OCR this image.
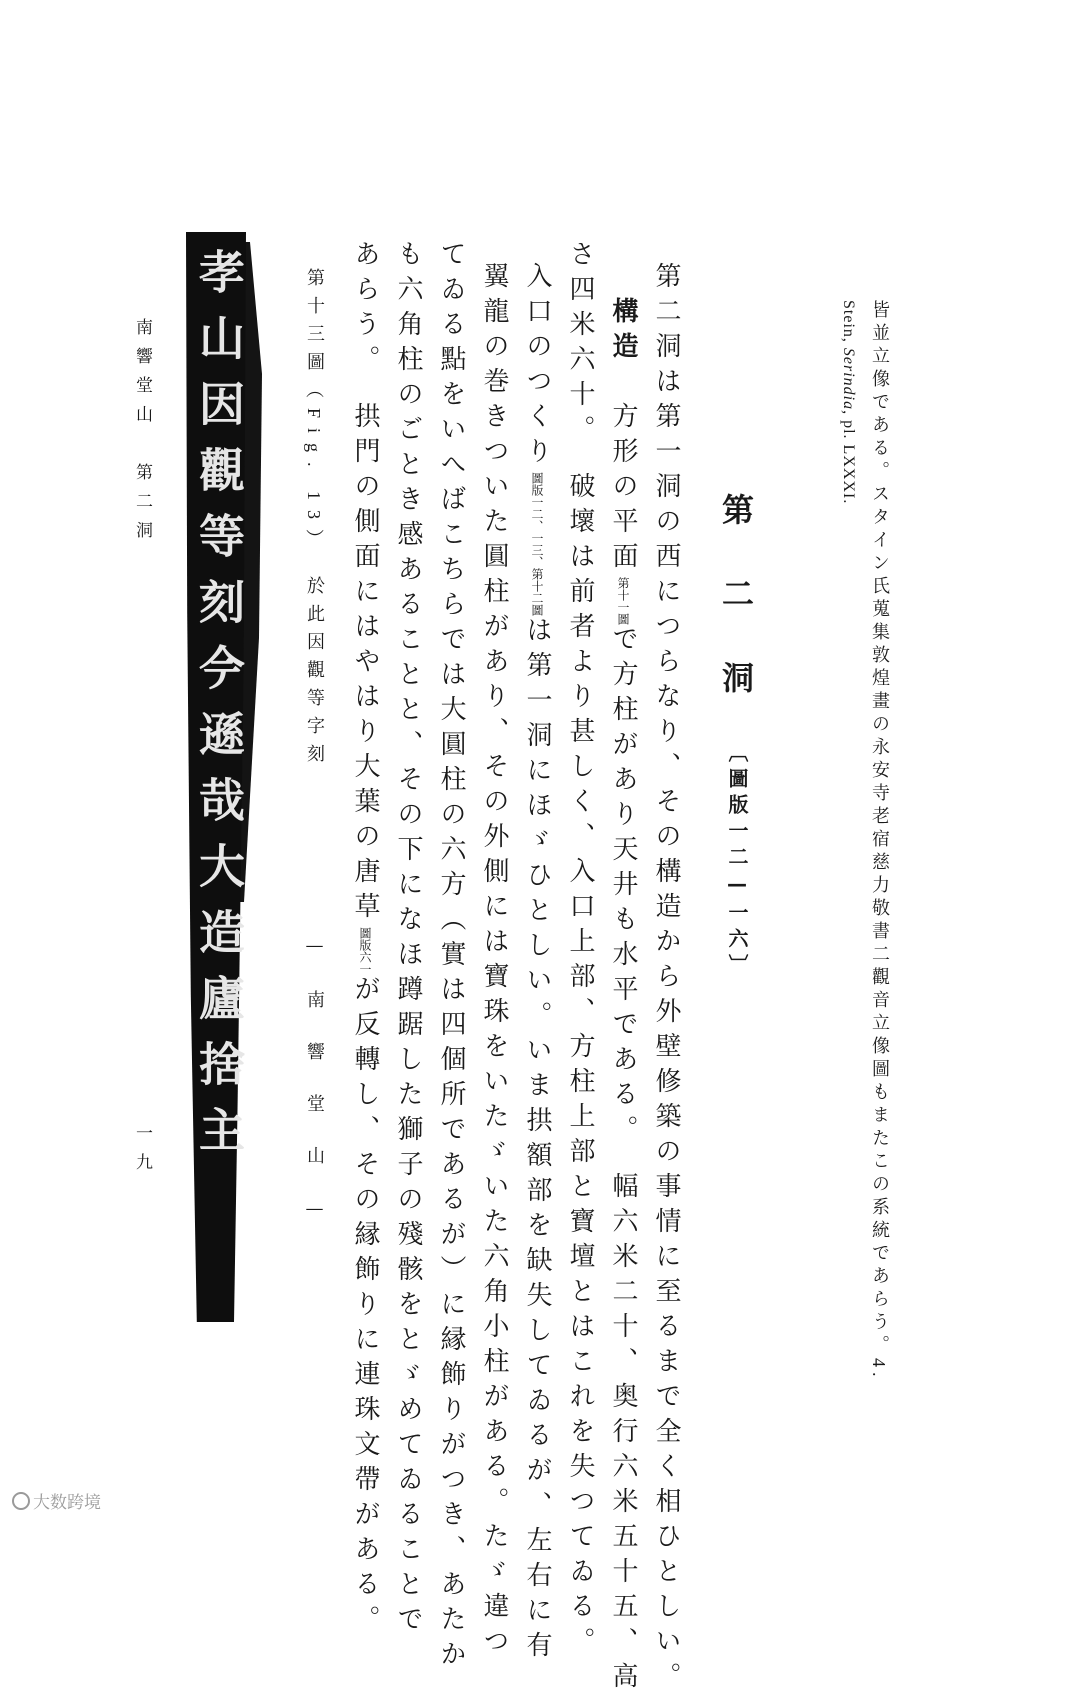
皆並立像である。スタイン氏蒐集敦煌畫の永安寺老宿慈力敬書二觀音立像圖もまたこの系統であらう。4.
Stein, Serindia, pl. LXXXI.
第二洞
〔圖版一二—一六〕
第二洞は第一洞の西につらなり、その構造から外壁修築の事情に至るまで全く相ひとしい。
構造　方形の平面第十一圖で方柱があり天井も水平である。　幅六米二十、奥行六米五十五、高
さ四米六十。　破壞は前者より甚しく、入口上部、方柱上部と寶壇とはこれを失つてゐる。
入口のつくり圖版一二、一三、第十二圖は第一洞にほゞひとしい。いま拱額部を缺失してゐるが、左右に有
翼龍の巻きついた圓柱があり、その外側には寶珠をいたゞいた六角小柱がある。たゞ違つ
てゐる點をいへばこちらでは大圓柱の六方（實は四個所であるが）に縁飾りがつき、あたか
も六角柱のごとき感あることと、その下になほ蹲踞した獅子の殘骸をとゞめてゐることで
あらう。　拱門の側面にはやはり大葉の唐草圖版六一が反轉し、その縁飾りに連珠文帶がある。
第十三圖（Fig. 13）　於此因觀等字刻
—南響堂山—
孝山因觀等刻𫝆遜哉大造廬捨主
南響堂山　第二洞
一九
大数跨境
